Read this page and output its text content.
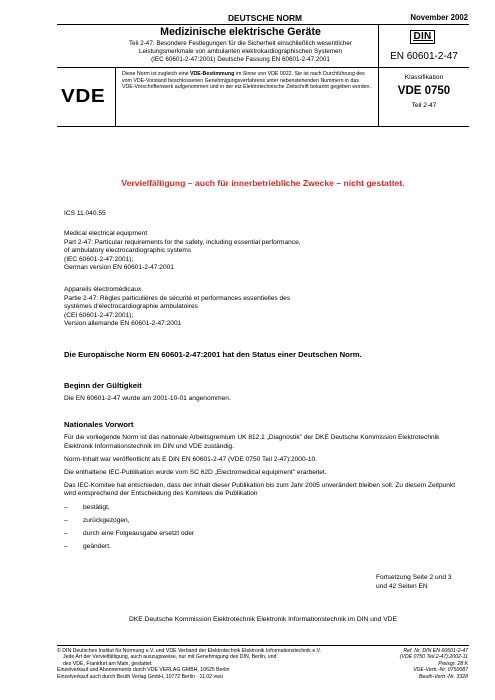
DEUTSCHE NORM	November 2002
Medizinische elektrische Geräte
Teil 2-47: Besondere Festlegungen für die Sicherheit einschließlich wesentlicher Leistungsmerkmale von ambulanten elektrokardiographischen Systemen
(IEC 60601-2-47:2001) Deutsche Fassung EN 60601-2-47:2001
DIN
EN 60601-2-47
VDE
Diese Norm ist zugleich eine VDE-Bestimmung im Sinne von VDE 0022. Sie ist nach Durchführung des vom VDE-Vorstand beschlossenen Genehmigungsverfahrens unter nebenstehenden Nummern in das VDE-Vorschriftenwerk aufgenommen und in der etz Elektrotechnische Zeitschrift bekannt gegeben worden.
Klassifikation
VDE 0750
Teil 2-47
Vervielfältigung – auch für innerbetriebliche Zwecke – nicht gestattet.
ICS 11.040.55

Medical electrical equipment

Part 2-47: Particular requirements for the safety, including essential performance,

of ambulatory electrocardiographic systems

(IEC 60601-2-47:2001);

German version EN 60601-2-47:2001

Appareils électromédicaux

Partie 2-47: Règles particulières de sécurité et performances essentielles des

systèmes d'électrocardiographie ambulatoires

(CEI 60601-2-47:2001);

Version allemande EN 60601-2-47:2001

Die Europäische Norm EN 60601-2-47:2001 hat den Status einer Deutschen Norm.
Beginn der Gültigkeit
Die EN 60601-2-47 wurde am 2001-10-01 angenommen.
Nationales Vorwort

Für die vorliegende Norm ist das nationale Arbeitsgremium UK 812.1 „Diagnostik" der DKE Deutsche Kommission Elektrotechnik Elektronik Informationstechnik im DIN und VDE zuständig.

Norm-Inhalt war veröffentlicht als E DIN EN 60601-2-47 (VDE 0750 Teil 2-47):2000-10.

Die enthaltene IEC-Publikation wurde vom SC 62D „Electromedical equipment" erarbeitet.

Das IEC-Komitee hat entschieden, dass der Inhalt dieser Publikation bis zum Jahr 2005 unverändert bleiben soll. Zu diesem Zeitpunkt wird entsprechend der Entscheidung des Komitees die Publikation

–	bestätigt,
–	zurückgezogen,
–	durch eine Folgeausgabe ersetzt oder
–	geändert.
Fortsetzung Seite 2 und 3
und 42 Seiten EN
DKE Deutsche Kommission Elektrotechnik Elektronik Informationstechnik im DIN und VDE
© DIN Deutsches Institut für Normung e.V. und VDE Verband der Elektrotechnik Elektronik Informationstechnik e.V.
Jede Art der Vervielfältigung, auch auszugsweise, nur mit Genehmigung des DIN, Berlin, und
des VDE, Frankfurt am Main, gestattet.
Einzelverkauf und Abonnements durch VDE VERLAG GMBH, 10625 Berlin
Einzelverkauf auch durch Beuth Verlag GmbH, 10772 Berlin · 11.02 vwu
Ref. Nr. DIN EN 60601-2-47
(VDE 0750 Teil 2-47):2002-11
Preisgr. 28 K
VDE-Vertr.-Nr. 0750087
Beuth-Vertr.-Nr. 3328
